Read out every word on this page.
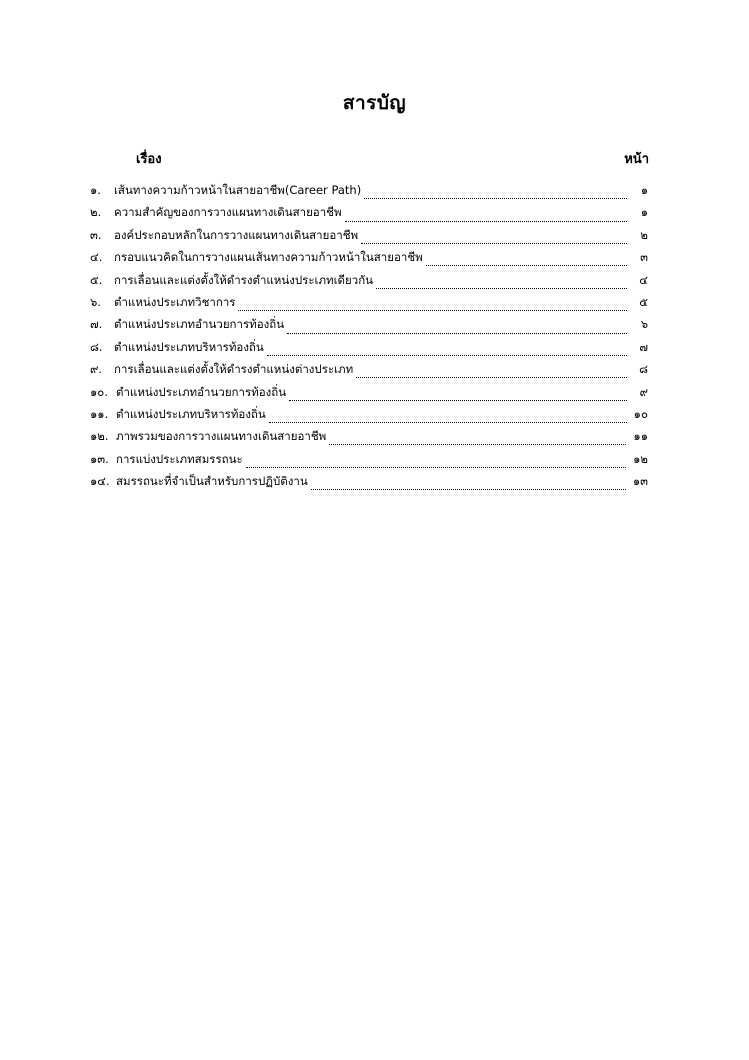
สารบัญ
เรื่อง	หน้า
๑.	เส้นทางความก้าวหน้าในสายอาชีพ(Career Path)	๑
๒.	ความสำคัญของการวางแผนทางเดินสายอาชีพ	๑
๓.	องค์ประกอบหลักในการวางแผนทางเดินสายอาชีพ	๒
๔.	กรอบแนวคิดในการวางแผนเส้นทางความก้าวหน้าในสายอาชีพ	๓
๕.	การเลื่อนและแต่งตั้งให้ดำรงตำแหน่งประเภทเดียวกัน	๔
๖.	ตำแหน่งประเภทวิชาการ	๕
๗.	ตำแหน่งประเภทอำนวยการท้องถิ่น	๖
๘. ตำแหน่งประเภทบริหารท้องถิ่น	๗
๙.	การเลื่อนและแต่งตั้งให้ดำรงตำแหน่งต่างประเภท	๘
๑๐. ตำแหน่งประเภทอำนวยการท้องถิ่น	๙
๑๑. ตำแหน่งประเภทบริหารท้องถิ่น	๑๐
๑๒. ภาพรวมของการวางแผนทางเดินสายอาชีพ	๑๑
๑๓. การแบ่งประเภทสมรรถนะ	๑๒
๑๔. สมรรถนะที่จำเป็นสำหรับการปฏิบัติงาน	๑๓
